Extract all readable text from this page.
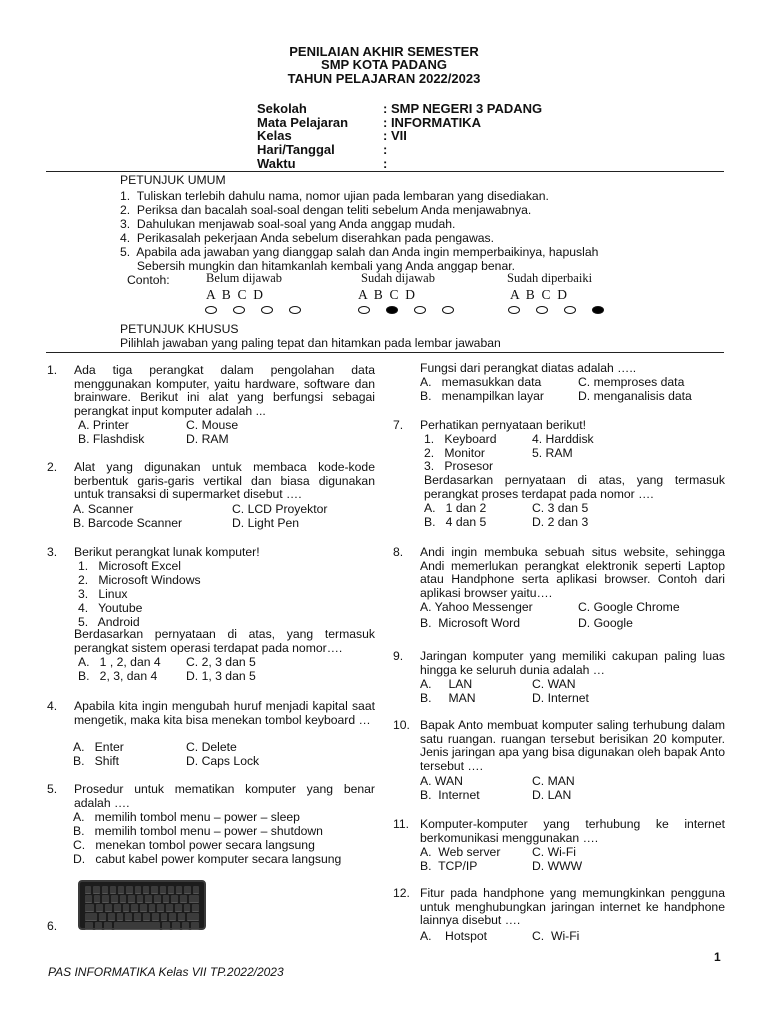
PENILAIAN AKHIR SEMESTER
SMP KOTA PADANG
TAHUN PELAJARAN 2022/2023
Sekolah	: SMP NEGERI 3 PADANG
Mata Pelajaran	: INFORMATIKA
Kelas	: VII
Hari/Tanggal	:
Waktu	:
PETUNJUK UMUM
1.  Tuliskan terlebih dahulu nama, nomor ujian pada lembaran yang disediakan.
2.  Periksa dan bacalah soal-soal dengan teliti sebelum Anda menjawabnya.
3.  Dahulukan menjawab soal-soal yang Anda anggap mudah.
4.  Perikasalah pekerjaan Anda sebelum diserahkan pada pengawas.
5.  Apabila ada jawaban yang dianggap salah dan Anda ingin memperbaikinya, hapuslah
Sebersih mungkin dan hitamkanlah kembali yang Anda anggap benar.
Contoh:	Belum dijawab
A  B  C  D
Sudah dijawab
A  B  C  D
Sudah diperbaiki
A  B  C  D
PETUNJUK KHUSUS
Pilihlah jawaban yang paling tepat dan hitamkan pada lembar jawaban
1. Ada tiga perangkat dalam pengolahan data menggunakan komputer, yaitu hardware, software dan brainware. Berikut ini alat yang berfungsi sebagai perangkat input komputer adalah ...
A. Printer	C. Mouse
B. Flashdisk	D. RAM
2. Alat yang digunakan untuk membaca kode-kode berbentuk garis-garis vertikal dan biasa digunakan untuk transaksi di supermarket disebut ….
A. Scanner	C. LCD Proyektor
B. Barcode Scanner	D. Light Pen
3. Berikut perangkat lunak komputer!
1.   Microsoft Excel
2.   Microsoft Windows
3.   Linux
4.   Youtube
5.   Android
Berdasarkan pernyataan di atas, yang termasuk perangkat sistem operasi terdapat pada nomor….
A.   1 , 2, dan 4 C. 2, 3 dan 5
B.   2, 3, dan 4 D. 1, 3 dan 5
4. Apabila kita ingin mengubah huruf menjadi kapital saat mengetik, maka kita bisa menekan tombol keyboard …
A.   Enter	C. Delete
B.   Shift	D. Caps Lock
5. Prosedur untuk mematikan komputer yang benar adalah ….
A.   memilih tombol menu – power – sleep
B.   memilih tombol menu – power – shutdown
C.   menekan tombol power secara langsung
D.   cabut kabel power komputer secara langsung
6.
Fungsi dari perangkat diatas adalah …..
A.   memasukkan data	C. memproses data
B.   menampilkan layar	D. menganalisis data
7. Perhatikan pernyataan berikut!
1.   Keyboard	4. Harddisk
2.   Monitor	5. RAM
3.   Prosesor
Berdasarkan pernyataan di atas, yang termasuk perangkat proses terdapat pada nomor ….
A.   1 dan 2	C. 3 dan 5
B.   4 dan 5	D. 2 dan 3
8. Andi ingin membuka sebuah situs website, sehingga Andi memerlukan perangkat elektronik seperti Laptop atau Handphone serta aplikasi browser. Contoh dari aplikasi browser yaitu….
A. Yahoo Messenger	C. Google Chrome
B.  Microsoft Word	D. Google
9. Jaringan komputer yang memiliki cakupan paling luas hingga ke seluruh dunia adalah …
A.     LAN	C. WAN
B.     MAN	D. Internet
10. Bapak Anto membuat komputer saling terhubung dalam satu ruangan. ruangan tersebut berisikan 20 komputer. Jenis jaringan apa yang bisa digunakan oleh bapak Anto tersebut ….
A. WAN	C. MAN
B.  Internet	D. LAN
11. Komputer-komputer yang terhubung ke internet berkomunikasi menggunakan ….
A.  Web server	C. Wi-Fi
B.  TCP/IP	D. WWW
12. Fitur pada handphone yang memungkinkan pengguna untuk menghubungkan jaringan internet ke handphone lainnya disebut ….
A.    Hotspot	C.  Wi-Fi
1
PAS INFORMATIKA Kelas VII TP.2022/2023
